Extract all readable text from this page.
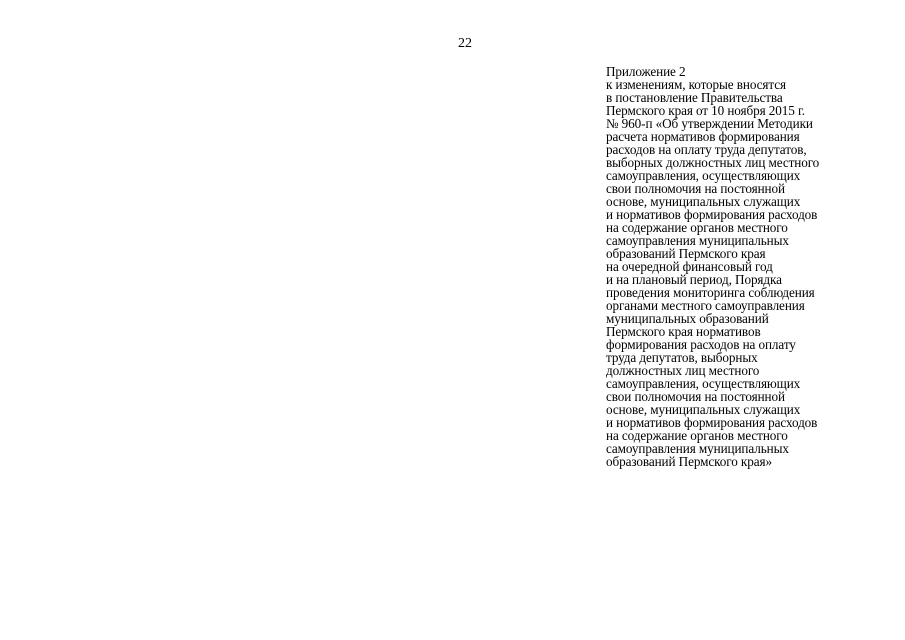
22
Приложение 2
к изменениям, которые вносятся
в постановление Правительства
Пермского края от 10 ноября 2015 г.
№ 960-п «Об утверждении Методики
расчета нормативов формирования
расходов на оплату труда депутатов,
выборных должностных лиц местного
самоуправления, осуществляющих
свои полномочия на постоянной
основе, муниципальных служащих
и нормативов формирования расходов
на содержание органов местного
самоуправления муниципальных
образований Пермского края
на очередной финансовый год
и на плановый период, Порядка
проведения мониторинга соблюдения
органами местного самоуправления
муниципальных образований
Пермского края нормативов
формирования расходов на оплату
труда депутатов, выборных
должностных лиц местного
самоуправления, осуществляющих
свои полномочия на постоянной
основе, муниципальных служащих
и нормативов формирования расходов
на содержание органов местного
самоуправления муниципальных
образований Пермского края»
